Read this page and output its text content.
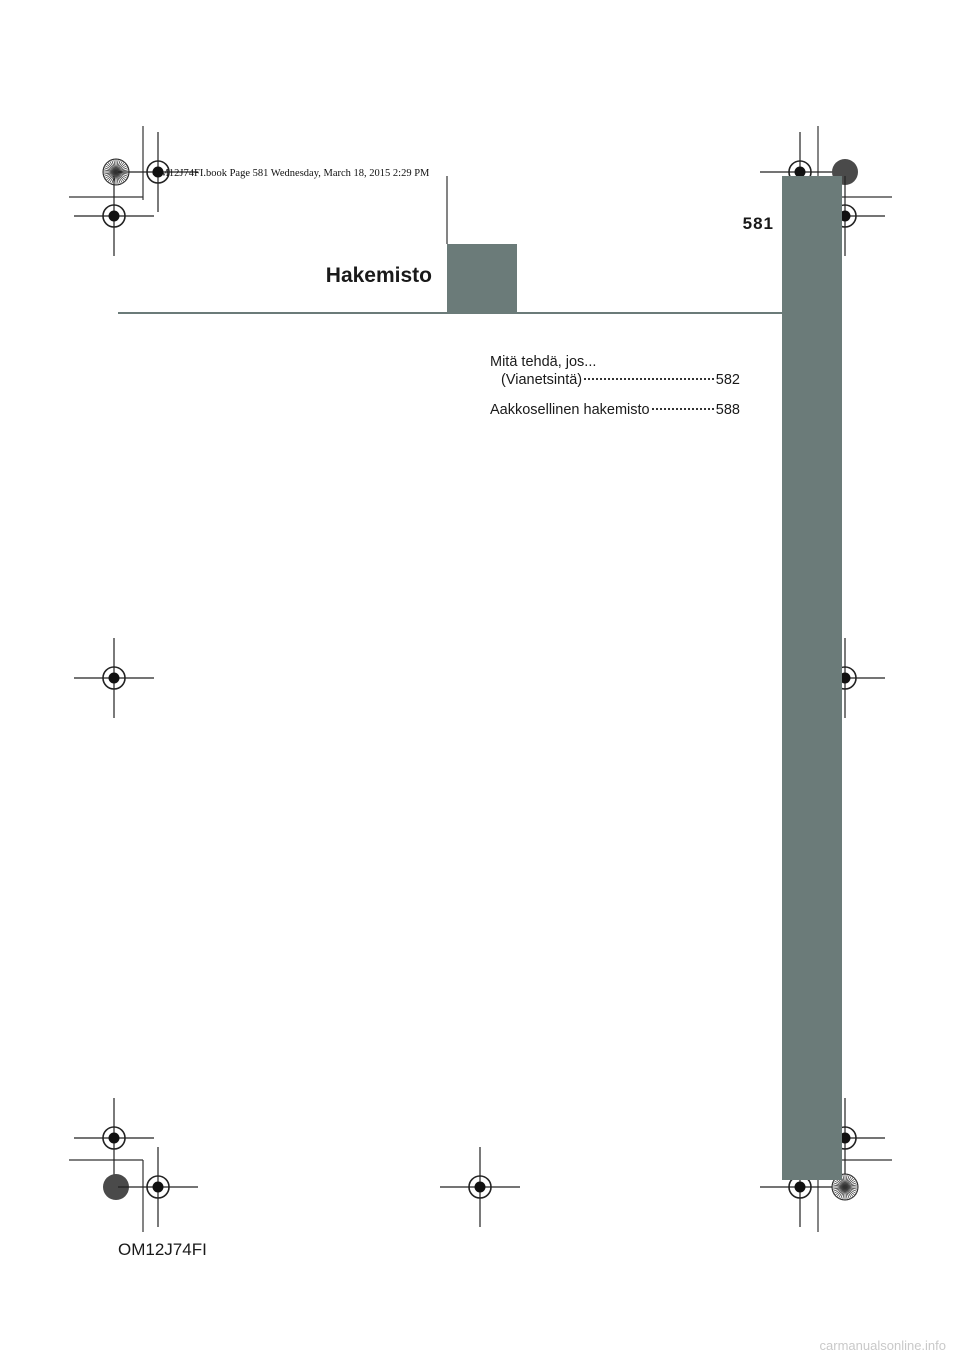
OM12J74FI.book Page 581 Wednesday, March 18, 2015 2:29 PM
581
Hakemisto
Mitä tehdä, jos...
(Vianetsintä)	582
Aakkosellinen hakemisto	588
OM12J74FI
carmanualsonline.info
